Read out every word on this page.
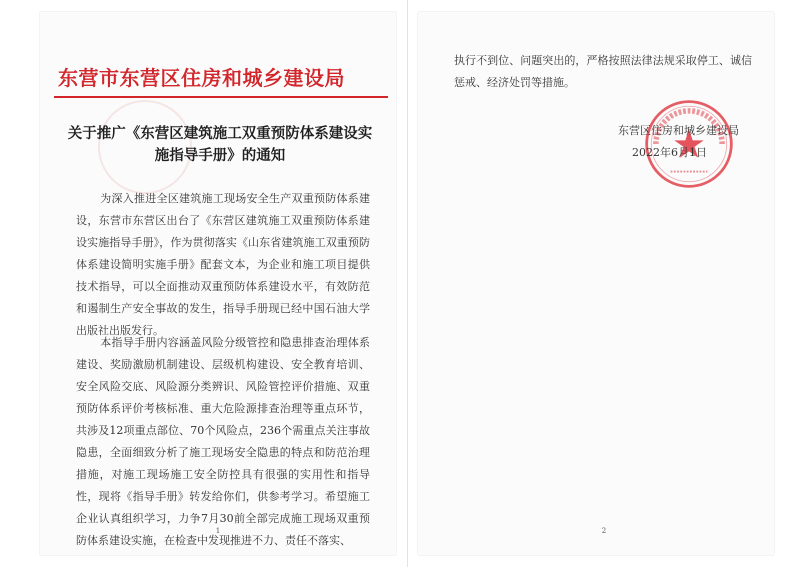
东营市东营区住房和城乡建设局
关于推广《东营区建筑施工双重预防体系建设实施指导手册》的通知
为深入推进全区建筑施工现场安全生产双重预防体系建设，东营市东营区出台了《东营区建筑施工双重预防体系建设实施指导手册》，作为贯彻落实《山东省建筑施工双重预防体系建设简明实施手册》配套文本，为企业和施工项目提供技术指导，可以全面推动双重预防体系建设水平，有效防范和遏制生产安全事故的发生，指导手册现已经中国石油大学出版社出版发行。
本指导手册内容涵盖风险分级管控和隐患排查治理体系建设、奖励激励机制建设、层级机构建设、安全教育培训、安全风险交底、风险源分类辨识、风险管控评价措施、双重预防体系评价考核标准、重大危险源排查治理等重点环节，共涉及12项重点部位、70个风险点，236个需重点关注事故隐患，全面细致分析了施工现场安全隐患的特点和防范治理措施，对施工现场施工安全防控具有很强的实用性和指导性，现将《指导手册》转发给你们，供参考学习。希望施工企业认真组织学习，力争7月30前全部完成施工现场双重预防体系建设实施，在检查中发现推进不力、责任不落实、
1
执行不到位、问题突出的，严格按照法律法规采取停工、诚信惩戒、经济处罚等措施。
东营区住房和城乡建设局
2022年6月1日
2
